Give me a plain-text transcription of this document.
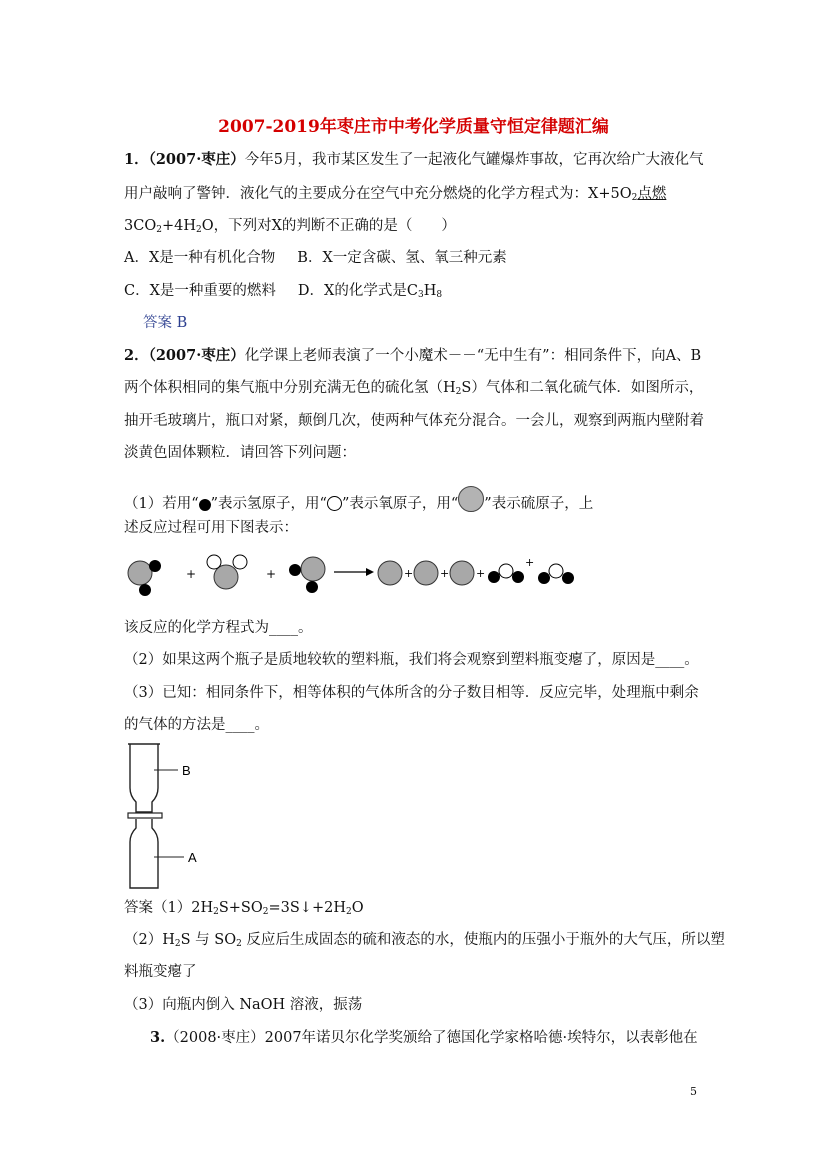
2007-2019年枣庄市中考化学质量守恒定律题汇编
1．（2007·枣庄）今年5月，我市某区发生了一起液化气罐爆炸事故，它再次给广大液化气
用户敲响了警钟．液化气的主要成分在空气中充分燃烧的化学方程式为：$X+5O_2$点燃
$3CO_2+4H_2O$，下列对X的判断不正确的是（　　）
A．X是一种有机化合物 B．X一定含碳、氢、氧三种元素
C．X是一种重要的燃料 D．X的化学式是$C_3H_8$
答案 B
2．（2007·枣庄）化学课上老师表演了一个小魔术－－“无中生有”：相同条件下，向A、B
两个体积相同的集气瓶中分别充满无色的硫化氢$(H_2S)$气体和二氧化硫气体．如图所示，
抽开毛玻璃片，瓶口对紧，颠倒几次，使两种气体充分混合。一会儿，观察到两瓶内壁附着
淡黄色固体颗粒．请回答下列问题：
（1）若用“ ”表示氢原子，用“ ”表示氧原子，用“ ”表示硫原子，上
述反应过程可用下图表示：
+	+	+ + +
+
该反应的化学方程式为____。
（2）如果这两个瓶子是质地较软的塑料瓶，我们将会观察到塑料瓶变瘪了，原因是____。
（3）已知：相同条件下，相等体积的气体所含的分子数目相等．反应完毕，处理瓶中剩余
的气体的方法是____。
B
A
答案$(1)2H_2S+SO_2=3S↓+2H_2O$
$(2)H_2S$ 与 $SO_2$ 反应后生成固态的硫和液态的水，使瓶内的压强小于瓶外的大气压，所以塑
料瓶变瘪了
（3）向瓶内倒入 NaOH 溶液，振荡
3.（2008·枣庄）2007年诺贝尔化学奖颁给了德国化学家格哈德·埃特尔，以表彰他在
5
